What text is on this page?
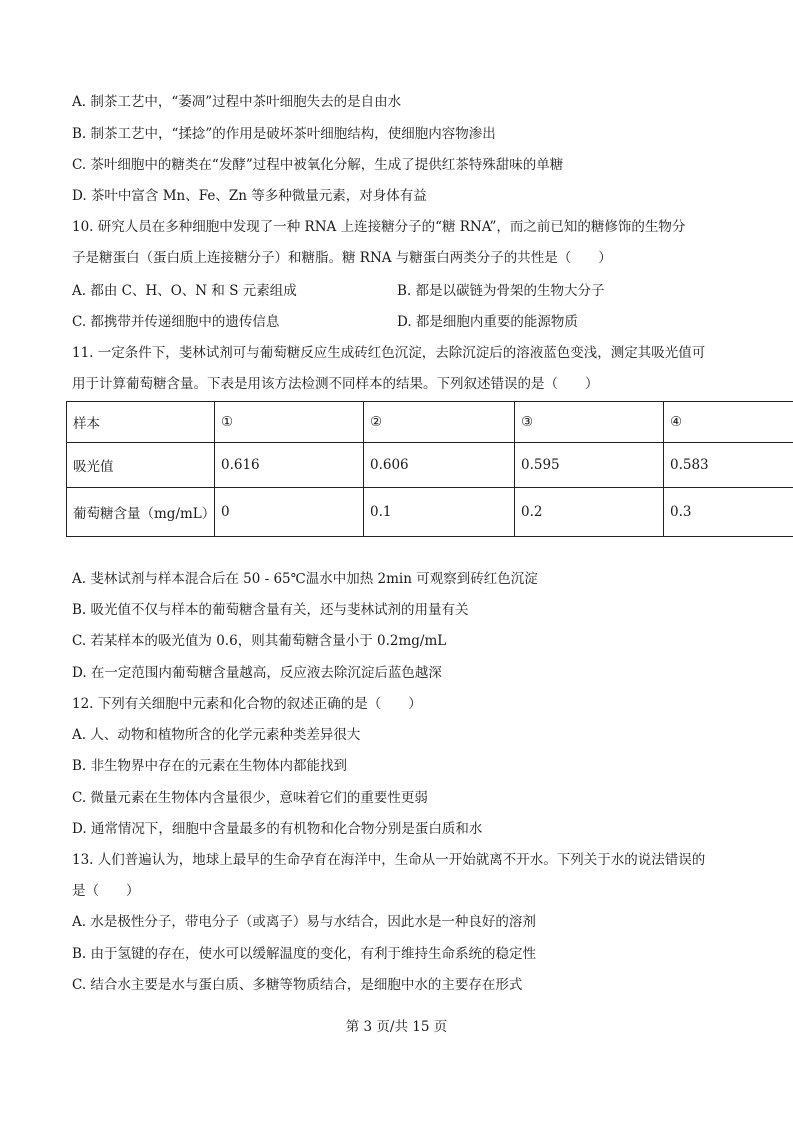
A. 制茶工艺中，“萎凋”过程中茶叶细胞失去的是自由水
B. 制茶工艺中，“揉捻”的作用是破坏茶叶细胞结构，使细胞内容物渗出
C. 茶叶细胞中的糖类在“发酵”过程中被氧化分解，生成了提供红茶特殊甜味的单糖
D. 茶叶中富含 Mn、Fe、Zn 等多种微量元素，对身体有益
10. 研究人员在多种细胞中发现了一种 RNA 上连接糖分子的“糖 RNA”，而之前已知的糖修饰的生物分
子是糖蛋白（蛋白质上连接糖分子）和糖脂。糖 RNA 与糖蛋白两类分子的共性是（　　）
A. 都由 C、H、O、N 和 S 元素组成	B. 都是以碳链为骨架的生物大分子
C. 都携带并传递细胞中的遗传信息	D. 都是细胞内重要的能源物质
11. 一定条件下，斐林试剂可与葡萄糖反应生成砖红色沉淀，去除沉淀后的溶液蓝色变浅，测定其吸光值可
用于计算葡萄糖含量。下表是用该方法检测不同样本的结果。下列叙述错误的是（　　）
样本	①	②	③	④
吸光值	0.616	0.606	0.595	0.583
葡萄糖含量（mg/mL）	0	0.1	0.2	0.3
A. 斐林试剂与样本混合后在 50 - 65℃温水中加热 2min 可观察到砖红色沉淀
B. 吸光值不仅与样本的葡萄糖含量有关，还与斐林试剂的用量有关
C. 若某样本的吸光值为 0.6，则其葡萄糖含量小于 0.2mg/mL
D. 在一定范围内葡萄糖含量越高，反应液去除沉淀后蓝色越深
12. 下列有关细胞中元素和化合物的叙述正确的是（　　）
A. 人、动物和植物所含的化学元素种类差异很大
B. 非生物界中存在的元素在生物体内都能找到
C. 微量元素在生物体内含量很少，意味着它们的重要性更弱
D. 通常情况下，细胞中含量最多的有机物和化合物分别是蛋白质和水
13. 人们普遍认为，地球上最早的生命孕育在海洋中，生命从一开始就离不开水。下列关于水的说法错误的
是（　　）
A. 水是极性分子，带电分子（或离子）易与水结合，因此水是一种良好的溶剂
B. 由于氢键的存在，使水可以缓解温度的变化，有利于维持生命系统的稳定性
C. 结合水主要是水与蛋白质、多糖等物质结合，是细胞中水的主要存在形式
第 3 页/共 15 页
